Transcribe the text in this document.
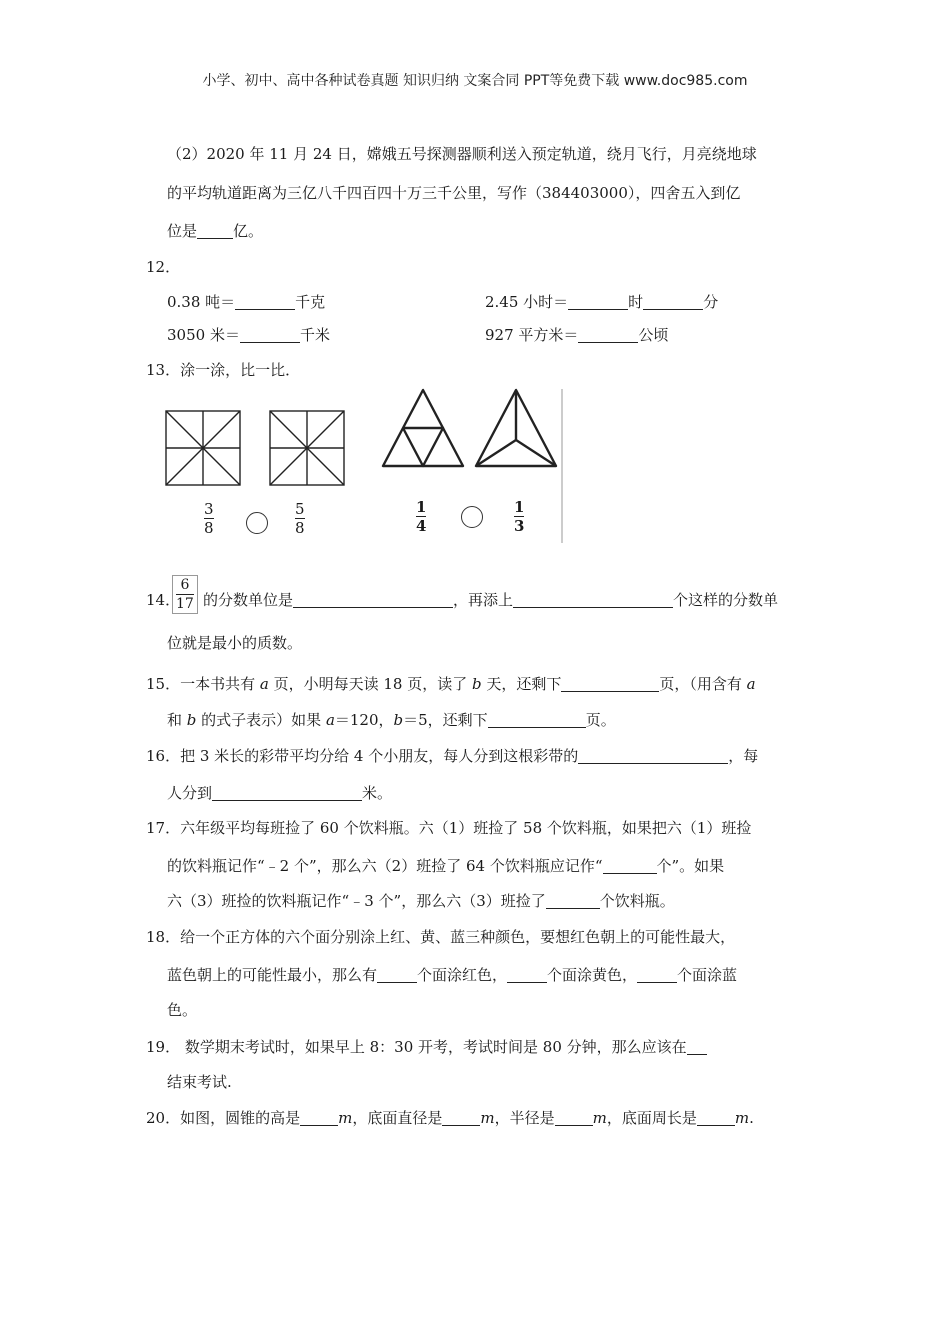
小学、初中、高中各种试卷真题 知识归纳 文案合同 PPT等免费下载 www.doc985.com
（2）2020 年 11 月 24 日，嫦娥五号探测器顺利送入预定轨道，绕月飞行，月亮绕地球
的平均轨道距离为三亿八千四百四十万三千公里，写作（384403000），四舍五入到亿
位是 亿。
12．
0.38 吨＝	千克	2.45 小时＝	时	分
3050 米＝	千米	927 平方米＝	公顷
13．涂一涂，比一比．
$\frac{3}{8}$	$\frac{5}{8}$	$\frac{1}{4}$	$\frac{1}{3}$
14．
$\frac{6}{17}$ 的分数单位是	，再添上	个这样的分数单
位就是最小的质数。
15．一本书共有 a 页，小明每天读 18 页，读了 b 天，还剩下	页，（用含有 a
和 b 的式子表示）如果 a＝120，b＝5，还剩下	页。
16．把 3 米长的彩带平均分给 4 个小朋友，每人分到这根彩带的	，每
人分到	米。
17．六年级平均每班捡了 60 个饮料瓶。六（1）班捡了 58 个饮料瓶，如果把六（1）班捡
的饮料瓶记作“﹣2 个”，那么六（2）班捡了 64 个饮料瓶应记作“	个”。如果
六（3）班捡的饮料瓶记作“﹣3 个”，那么六（3）班捡了	个饮料瓶。
18．给一个正方体的六个面分别涂上红、黄、蓝三种颜色，要想红色朝上的可能性最大，
蓝色朝上的可能性最小，那么有	个面涂红色，	个面涂黄色，	个面涂蓝
色。
19． 数学期末考试时，如果早上 8：30 开考，考试时间是 80 分钟，那么应该在
结束考试.
20．如图，圆锥的高是	m，底面直径是	m，半径是	m，底面周长是	m.
